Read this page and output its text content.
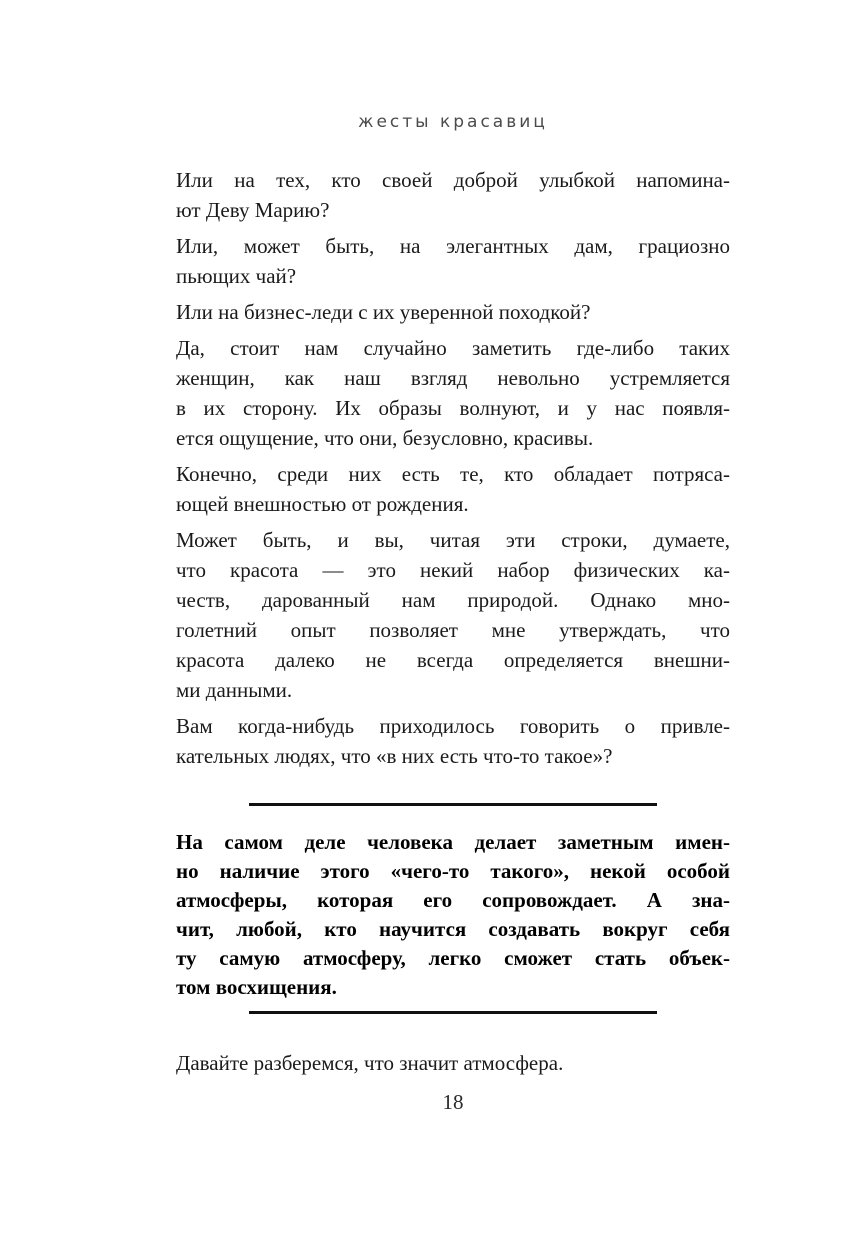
жесты красавиц

Или на тех, кто своей доброй улыбкой напомина-
ют Деву Марию?

Или, может быть, на элегантных дам, грациозно
пьющих чай?

Или на бизнес-леди с их уверенной походкой?

Да, стоит нам случайно заметить где-либо таких
женщин, как наш взгляд невольно устремляется
в их сторону. Их образы волнуют, и у нас появля-
ется ощущение, что они, безусловно, красивы.

Конечно, среди них есть те, кто обладает потряса-
ющей внешностью от рождения.

Может быть, и вы, читая эти строки, думаете,
что красота — это некий набор физических ка-
честв, дарованный нам природой. Однако мно-
голетний опыт позволяет мне утверждать, что
красота далеко не всегда определяется внешни-
ми данными.

Вам когда-нибудь приходилось говорить о привле-
кательных людях, что «в них есть что-то такое»?

На самом деле человека делает заметным имен-
но наличие этого «чего-то такого», некой особой
атмосферы, которая его сопровождает. А зна-
чит, любой, кто научится создавать вокруг себя
ту самую атмосферу, легко сможет стать объек-
том восхищения.

Давайте разберемся, что значит атмосфера.

18
